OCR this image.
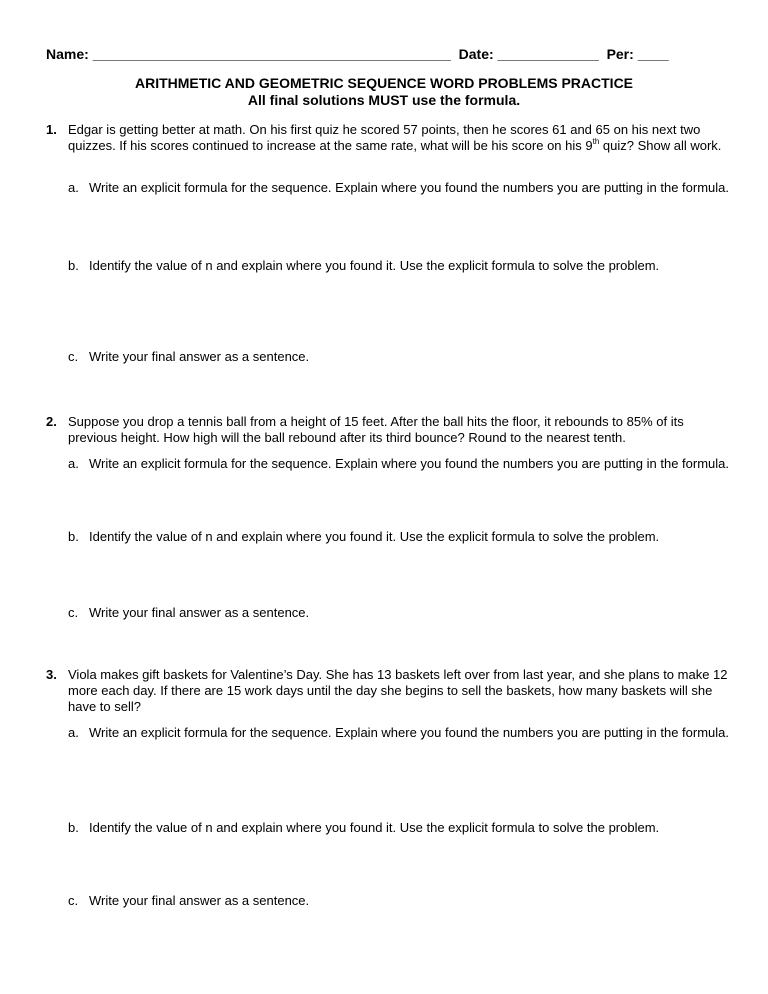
Name: ______________________________________________ Date: _____________ Per: ____
ARITHMETIC AND GEOMETRIC SEQUENCE WORD PROBLEMS PRACTICE
All final solutions MUST use the formula.
1. Edgar is getting better at math. On his first quiz he scored 57 points, then he scores 61 and 65 on his next two quizzes. If his scores continued to increase at the same rate, what will be his score on his 9th quiz? Show all work.
a. Write an explicit formula for the sequence. Explain where you found the numbers you are putting in the formula.
b. Identify the value of n and explain where you found it. Use the explicit formula to solve the problem.
c. Write your final answer as a sentence.
2. Suppose you drop a tennis ball from a height of 15 feet. After the ball hits the floor, it rebounds to 85% of its previous height. How high will the ball rebound after its third bounce? Round to the nearest tenth.
a. Write an explicit formula for the sequence. Explain where you found the numbers you are putting in the formula.
b. Identify the value of n and explain where you found it. Use the explicit formula to solve the problem.
c. Write your final answer as a sentence.
3. Viola makes gift baskets for Valentine’s Day. She has 13 baskets left over from last year, and she plans to make 12 more each day. If there are 15 work days until the day she begins to sell the baskets, how many baskets will she have to sell?
a. Write an explicit formula for the sequence. Explain where you found the numbers you are putting in the formula.
b. Identify the value of n and explain where you found it. Use the explicit formula to solve the problem.
c. Write your final answer as a sentence.
